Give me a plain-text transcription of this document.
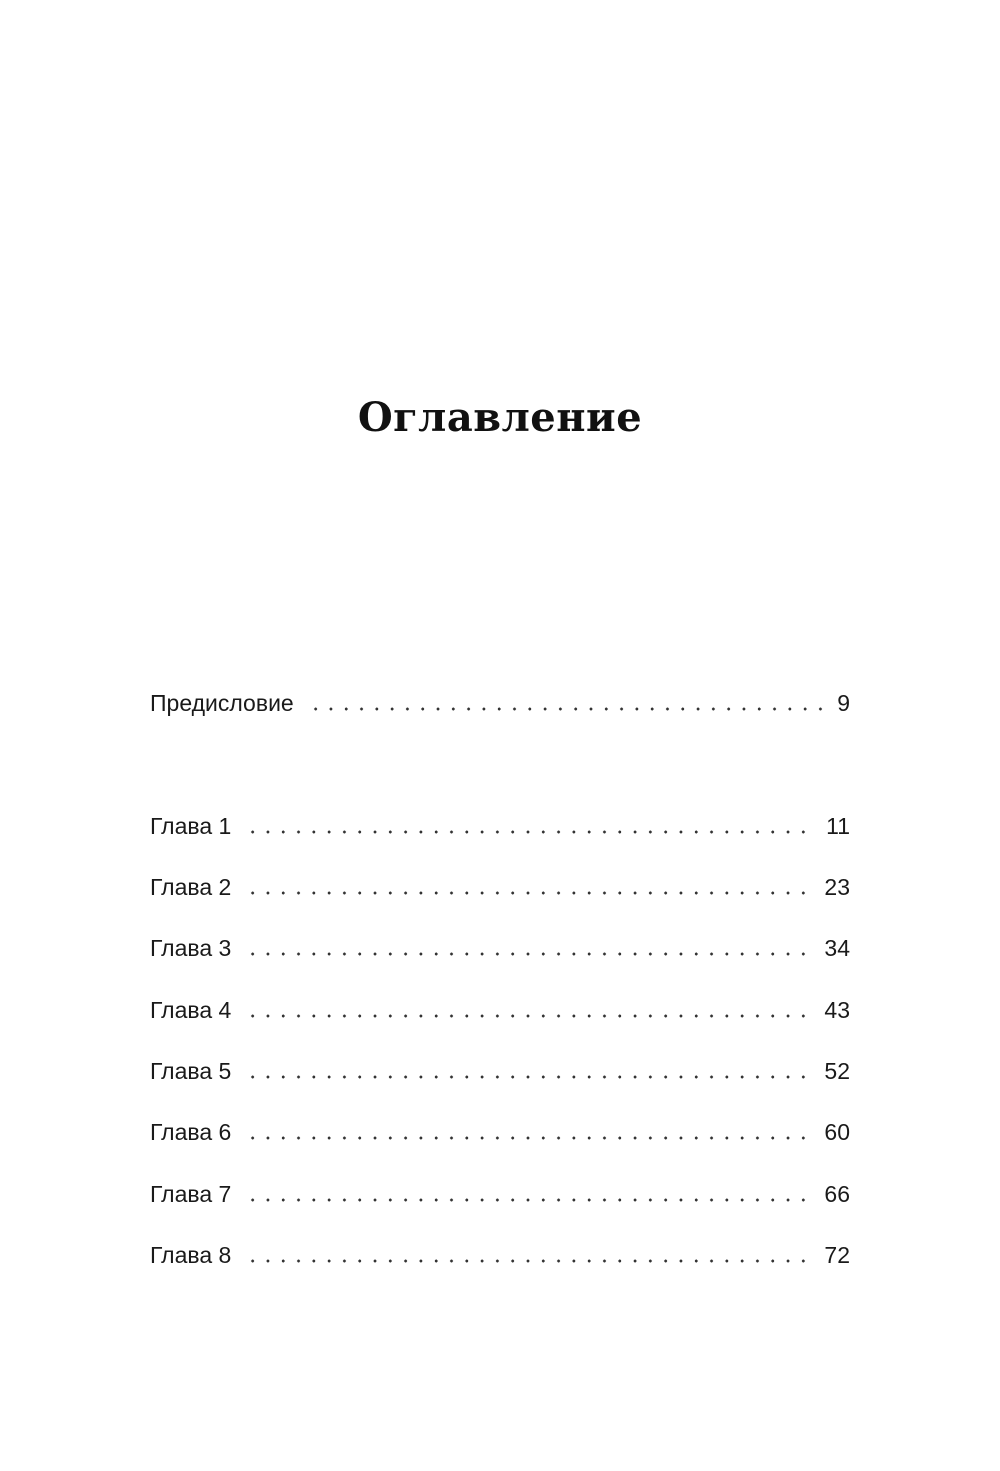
Оглавление
Предисловие	9
Глава 1	11
Глава 2	23
Глава 3	34
Глава 4	43
Глава 5	52
Глава 6	60
Глава 7	66
Глава 8	72
